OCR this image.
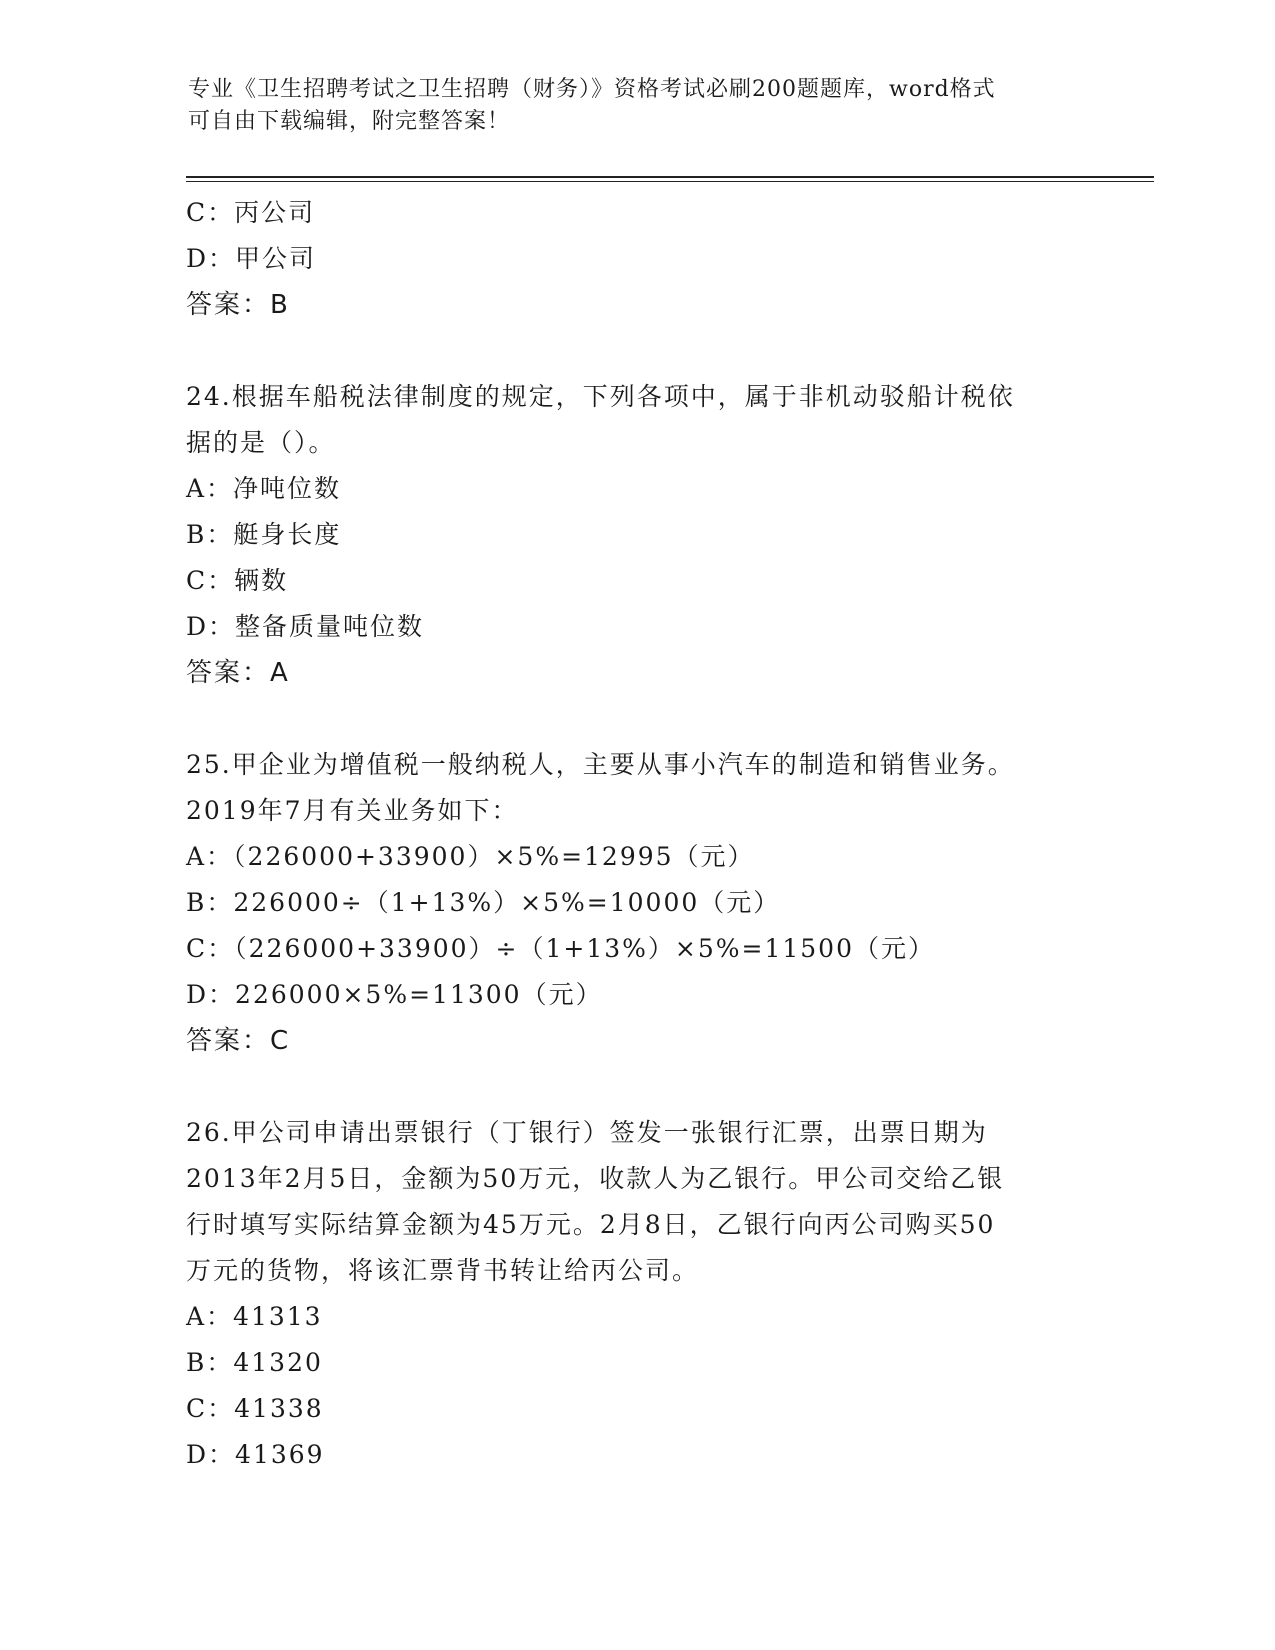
专业《卫生招聘考试之卫生招聘（财务）》资格考试必刷200题题库，word格式
可自由下载编辑，附完整答案！
C：丙公司
D：甲公司
答案：B
24.根据车船税法律制度的规定，下列各项中，属于非机动驳船计税依
据的是（）。
A：净吨位数
B：艇身长度
C：辆数
D：整备质量吨位数
答案：A
25.甲企业为增值税一般纳税人，主要从事小汽车的制造和销售业务。
2019年7月有关业务如下：
A：（226000+33900）×5%=12995（元）
B：226000÷（1+13%）×5%=10000（元）
C：（226000+33900）÷（1+13%）×5%=11500（元）
D：226000×5%=11300（元）
答案：C
26.甲公司申请出票银行（丁银行）签发一张银行汇票，出票日期为
2013年2月5日，金额为50万元，收款人为乙银行。甲公司交给乙银
行时填写实际结算金额为45万元。2月8日，乙银行向丙公司购买50
万元的货物，将该汇票背书转让给丙公司。
A：41313
B：41320
C：41338
D：41369
